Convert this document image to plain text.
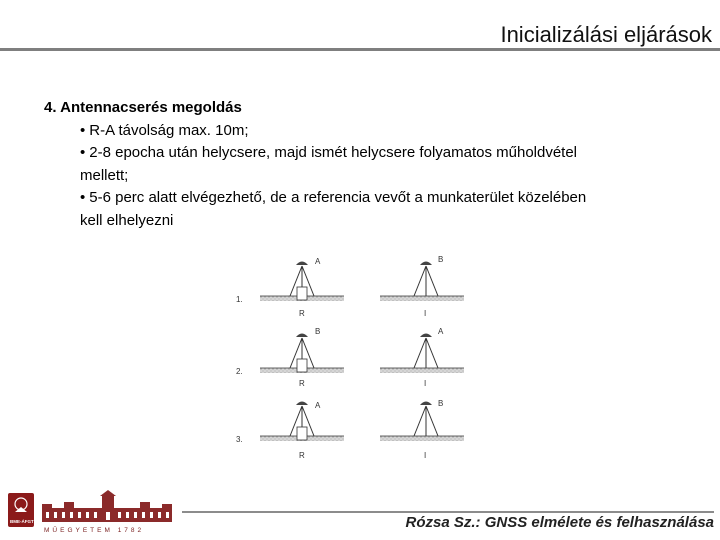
Inicializálási eljárások
4. Antennacserés megoldás
• R-A távolság max. 10m;
• 2-8 epocha után helycsere, majd ismét helycsere folyamatos műholdvétel
mellett;
• 5-6 perc alatt elvégezhető, de a referencia vevőt a munkaterület közelében
kell elhelyezni
1.
A
R
B
I
2.
B
R
A
I
3.
A
R
B
I
BME-ÁFGT
MŰEGYETEM 1782	Rózsa Sz.: GNSS elmélete és felhasználása
